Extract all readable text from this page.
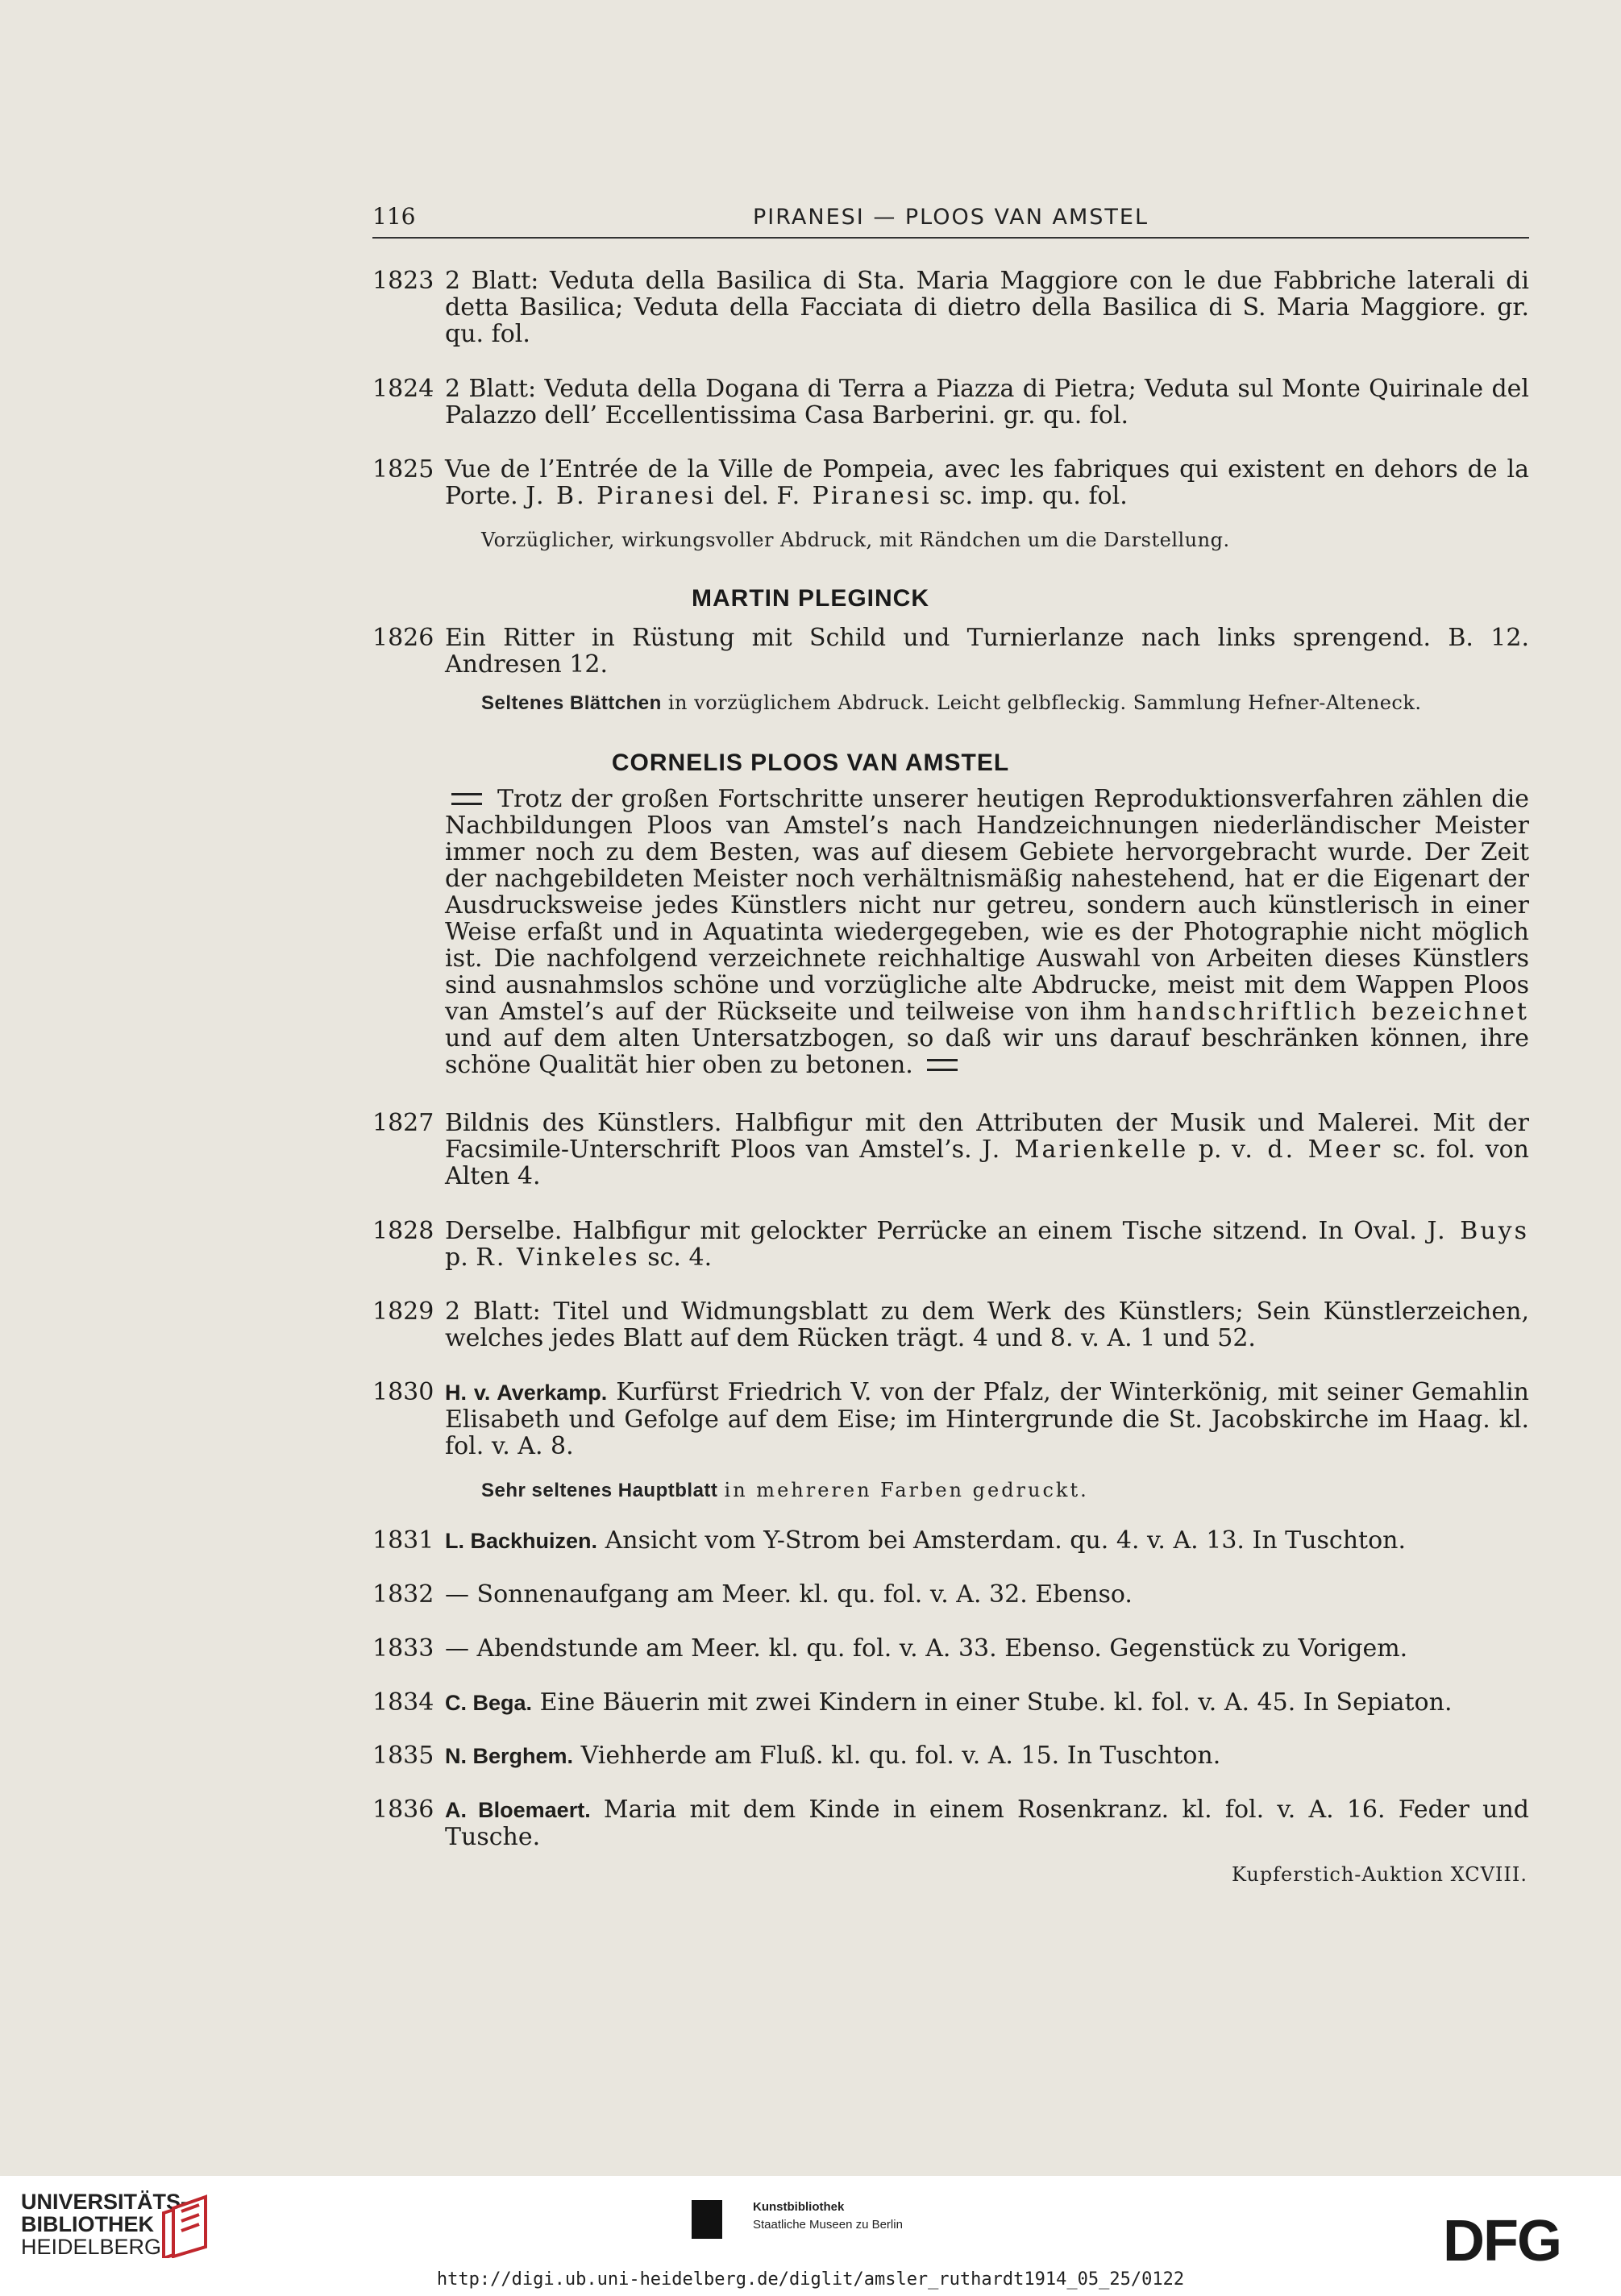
116	PIRANESI — PLOOS VAN AMSTEL
1823 2 Blatt: Veduta della Basilica di Sta. Maria Maggiore con le due Fabbriche laterali di detta Basilica; Veduta della Facciata di dietro della Basilica di S. Maria Maggiore. gr. qu. fol.
1824 2 Blatt: Veduta della Dogana di Terra a Piazza di Pietra; Veduta sul Monte Quirinale del Palazzo dell’ Eccellentissima Casa Barberini. gr. qu. fol.
1825 Vue de l’Entrée de la Ville de Pompeia, avec les fabriques qui existent en dehors de la Porte. J. B. Piranesi del. F. Piranesi sc. imp. qu. fol.
Vorzüglicher, wirkungsvoller Abdruck, mit Rändchen um die Darstellung.
MARTIN PLEGINCK
1826 Ein Ritter in Rüstung mit Schild und Turnierlanze nach links sprengend. B. 12. Andresen 12.
Seltenes Blättchen in vorzüglichem Abdruck. Leicht gelbfleckig. Sammlung Hefner-Alteneck.
CORNELIS PLOOS VAN AMSTEL
Trotz der großen Fortschritte unserer heutigen Reproduktionsverfahren zählen die Nachbildungen Ploos van Amstel’s nach Handzeichnungen niederländischer Meister immer noch zu dem Besten, was auf diesem Gebiete hervorgebracht wurde. Der Zeit der nachgebildeten Meister noch verhältnismäßig nahestehend, hat er die Eigenart der Ausdrucksweise jedes Künstlers nicht nur getreu, sondern auch künstlerisch in einer Weise erfaßt und in Aquatinta wiedergegeben, wie es der Photographie nicht möglich ist. Die nachfolgend verzeichnete reichhaltige Auswahl von Arbeiten dieses Künstlers sind ausnahmslos schöne und vorzügliche alte Abdrucke, meist mit dem Wappen Ploos van Amstel’s auf der Rückseite und teilweise von ihm handschriftlich bezeichnet und auf dem alten Untersatzbogen, so daß wir uns darauf beschränken können, ihre schöne Qualität hier oben zu betonen.
1827 Bildnis des Künstlers. Halbfigur mit den Attributen der Musik und Malerei. Mit der Facsimile-Unterschrift Ploos van Amstel’s. J. Marienkelle p. v. d. Meer sc. fol. von Alten 4.
1828 Derselbe. Halbfigur mit gelockter Perrücke an einem Tische sitzend. In Oval. J. Buys p. R. Vinkeles sc. 4.
1829 2 Blatt: Titel und Widmungsblatt zu dem Werk des Künstlers; Sein Künstlerzeichen, welches jedes Blatt auf dem Rücken trägt. 4 und 8. v. A. 1 und 52.
1830 H. v. Averkamp. Kurfürst Friedrich V. von der Pfalz, der Winterkönig, mit seiner Gemahlin Elisabeth und Gefolge auf dem Eise; im Hintergrunde die St. Jacobskirche im Haag. kl. fol. v. A. 8.
Sehr seltenes Hauptblatt in mehreren Farben gedruckt.
1831 L. Backhuizen. Ansicht vom Y-Strom bei Amsterdam. qu. 4. v. A. 13. In Tuschton.
1832 — Sonnenaufgang am Meer. kl. qu. fol. v. A. 32. Ebenso.
1833 — Abendstunde am Meer. kl. qu. fol. v. A. 33. Ebenso. Gegenstück zu Vorigem.
1834 C. Bega. Eine Bäuerin mit zwei Kindern in einer Stube. kl. fol. v. A. 45. In Sepiaton.
1835 N. Berghem. Viehherde am Fluß. kl. qu. fol. v. A. 15. In Tuschton.
1836 A. Bloemaert. Maria mit dem Kinde in einem Rosenkranz. kl. fol. v. A. 16. Feder und Tusche.
Kupferstich-Auktion XCVIII.
UNIVERSITÄTS-
BIBLIOTHEK
HEIDELBERG
Kunstbibliothek
Staatliche Museen zu Berlin	DFG
http://digi.ub.uni-heidelberg.de/diglit/amsler_ruthardt1914_05_25/0122
